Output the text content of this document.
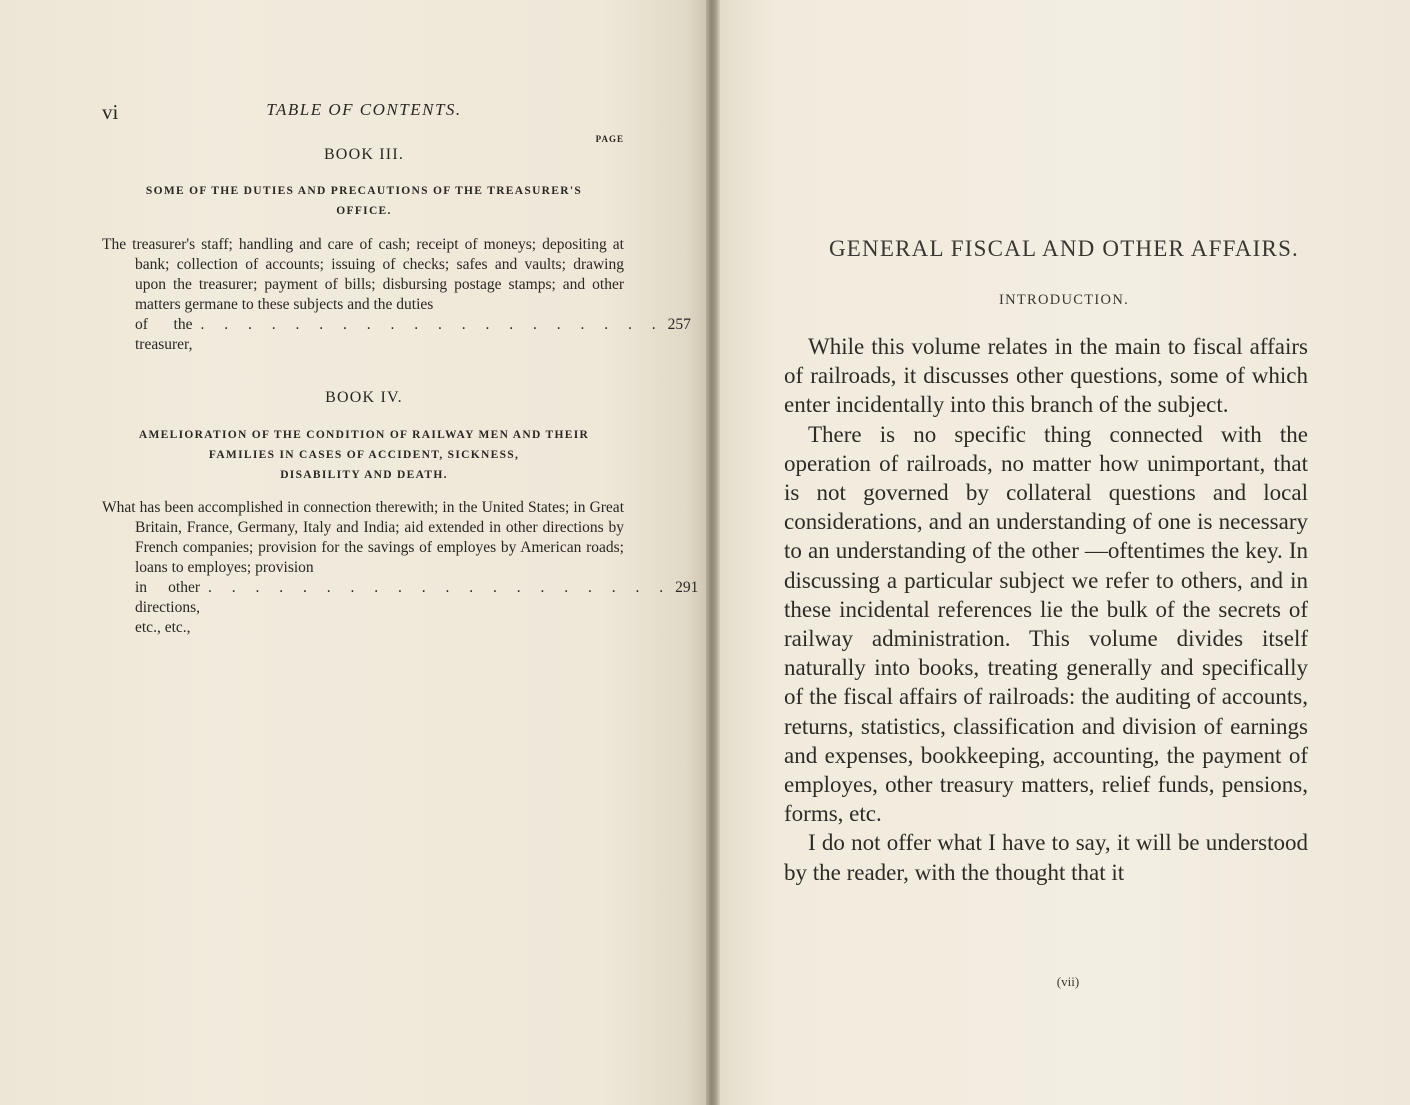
vi	TABLE OF CONTENTS.
PAGE
BOOK III.
SOME OF THE DUTIES AND PRECAUTIONS OF THE TREASURER'S
OFFICE.

The treasurer's staff; handling and care of cash; receipt of moneys; depositing at bank; collection of accounts; issuing of checks; safes and vaults; drawing upon the treasurer; payment of bills; disbursing postage stamps; and other matters germane to these subjects and the duties

of the treasurer,
. . . . . . . . . . . . . . . . . . . . 257
BOOK IV.
AMELIORATION OF THE CONDITION OF RAILWAY MEN AND THEIR
FAMILIES IN CASES OF ACCIDENT, SICKNESS,
DISABILITY AND DEATH.

What has been accomplished in connection therewith; in the United States; in Great Britain, France, Germany, Italy and India; aid extended in other directions by French companies; provision for the savings of employes by American roads; loans to employes; provision

in other directions, etc., etc.,
. . . . . . . . . . . . . . . . . . . . 291
GENERAL FISCAL AND OTHER AFFAIRS.
INTRODUCTION.

While this volume relates in the main to fiscal affairs of railroads, it discusses other questions, some of which enter incidentally into this branch of the subject.

There is no specific thing connected with the operation of railroads, no matter how unimportant, that is not governed by collateral questions and local considerations, and an understanding of one is necessary to an understanding of the other —oftentimes the key. In discussing a particular subject we refer to others, and in these incidental references lie the bulk of the secrets of railway administration. This volume divides itself naturally into books, treating generally and specifically of the fiscal affairs of railroads: the auditing of accounts, returns, statistics, classification and division of earnings and expenses, bookkeeping, accounting, the payment of employes, other treasury matters, relief funds, pensions, forms, etc.

I do not offer what I have to say, it will be understood by the reader, with the thought that it

(vii)
